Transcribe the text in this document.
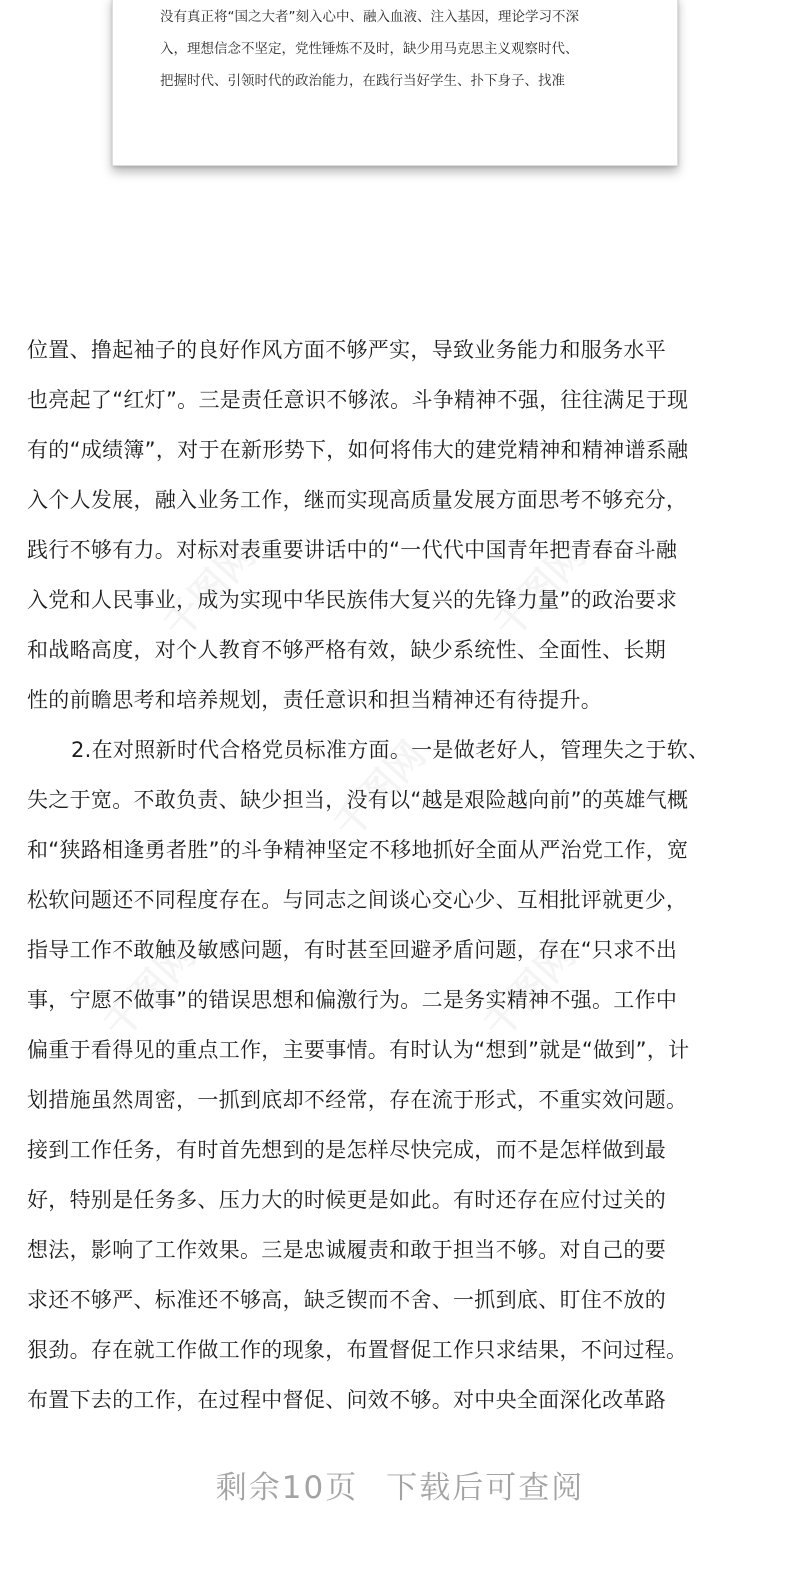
没有真正将“国之大者”刻入心中、融入血液、注入基因，理论学习不深
入，理想信念不坚定，党性锤炼不及时，缺少用马克思主义观察时代、
把握时代、引领时代的政治能力，在践行当好学生、扑下身子、找准
位置、撸起袖子的良好作风方面不够严实，导致业务能力和服务水平
也亮起了“红灯”。三是责任意识不够浓。斗争精神不强，往往满足于现
有的“成绩簿”，对于在新形势下，如何将伟大的建党精神和精神谱系融
入个人发展，融入业务工作，继而实现高质量发展方面思考不够充分，
践行不够有力。对标对表重要讲话中的“一代代中国青年把青春奋斗融
入党和人民事业，成为实现中华民族伟大复兴的先锋力量”的政治要求
和战略高度，对个人教育不够严格有效，缺少系统性、全面性、长期
性的前瞻思考和培养规划，责任意识和担当精神还有待提升。
2.在对照新时代合格党员标准方面。一是做老好人，管理失之于软、
失之于宽。不敢负责、缺少担当，没有以“越是艰险越向前”的英雄气概
和“狭路相逢勇者胜”的斗争精神坚定不移地抓好全面从严治党工作，宽
松软问题还不同程度存在。与同志之间谈心交心少、互相批评就更少，
指导工作不敢触及敏感问题，有时甚至回避矛盾问题，存在“只求不出
事，宁愿不做事”的错误思想和偏激行为。二是务实精神不强。工作中
偏重于看得见的重点工作，主要事情。有时认为“想到”就是“做到”，计
划措施虽然周密，一抓到底却不经常，存在流于形式，不重实效问题。
接到工作任务，有时首先想到的是怎样尽快完成，而不是怎样做到最
好，特别是任务多、压力大的时候更是如此。有时还存在应付过关的
想法，影响了工作效果。三是忠诚履责和敢于担当不够。对自己的要
求还不够严、标准还不够高，缺乏锲而不舍、一抓到底、盯住不放的
狠劲。存在就工作做工作的现象，布置督促工作只求结果，不问过程。
布置下去的工作，在过程中督促、问效不够。对中央全面深化改革路
剩余10页 下载后可查阅
